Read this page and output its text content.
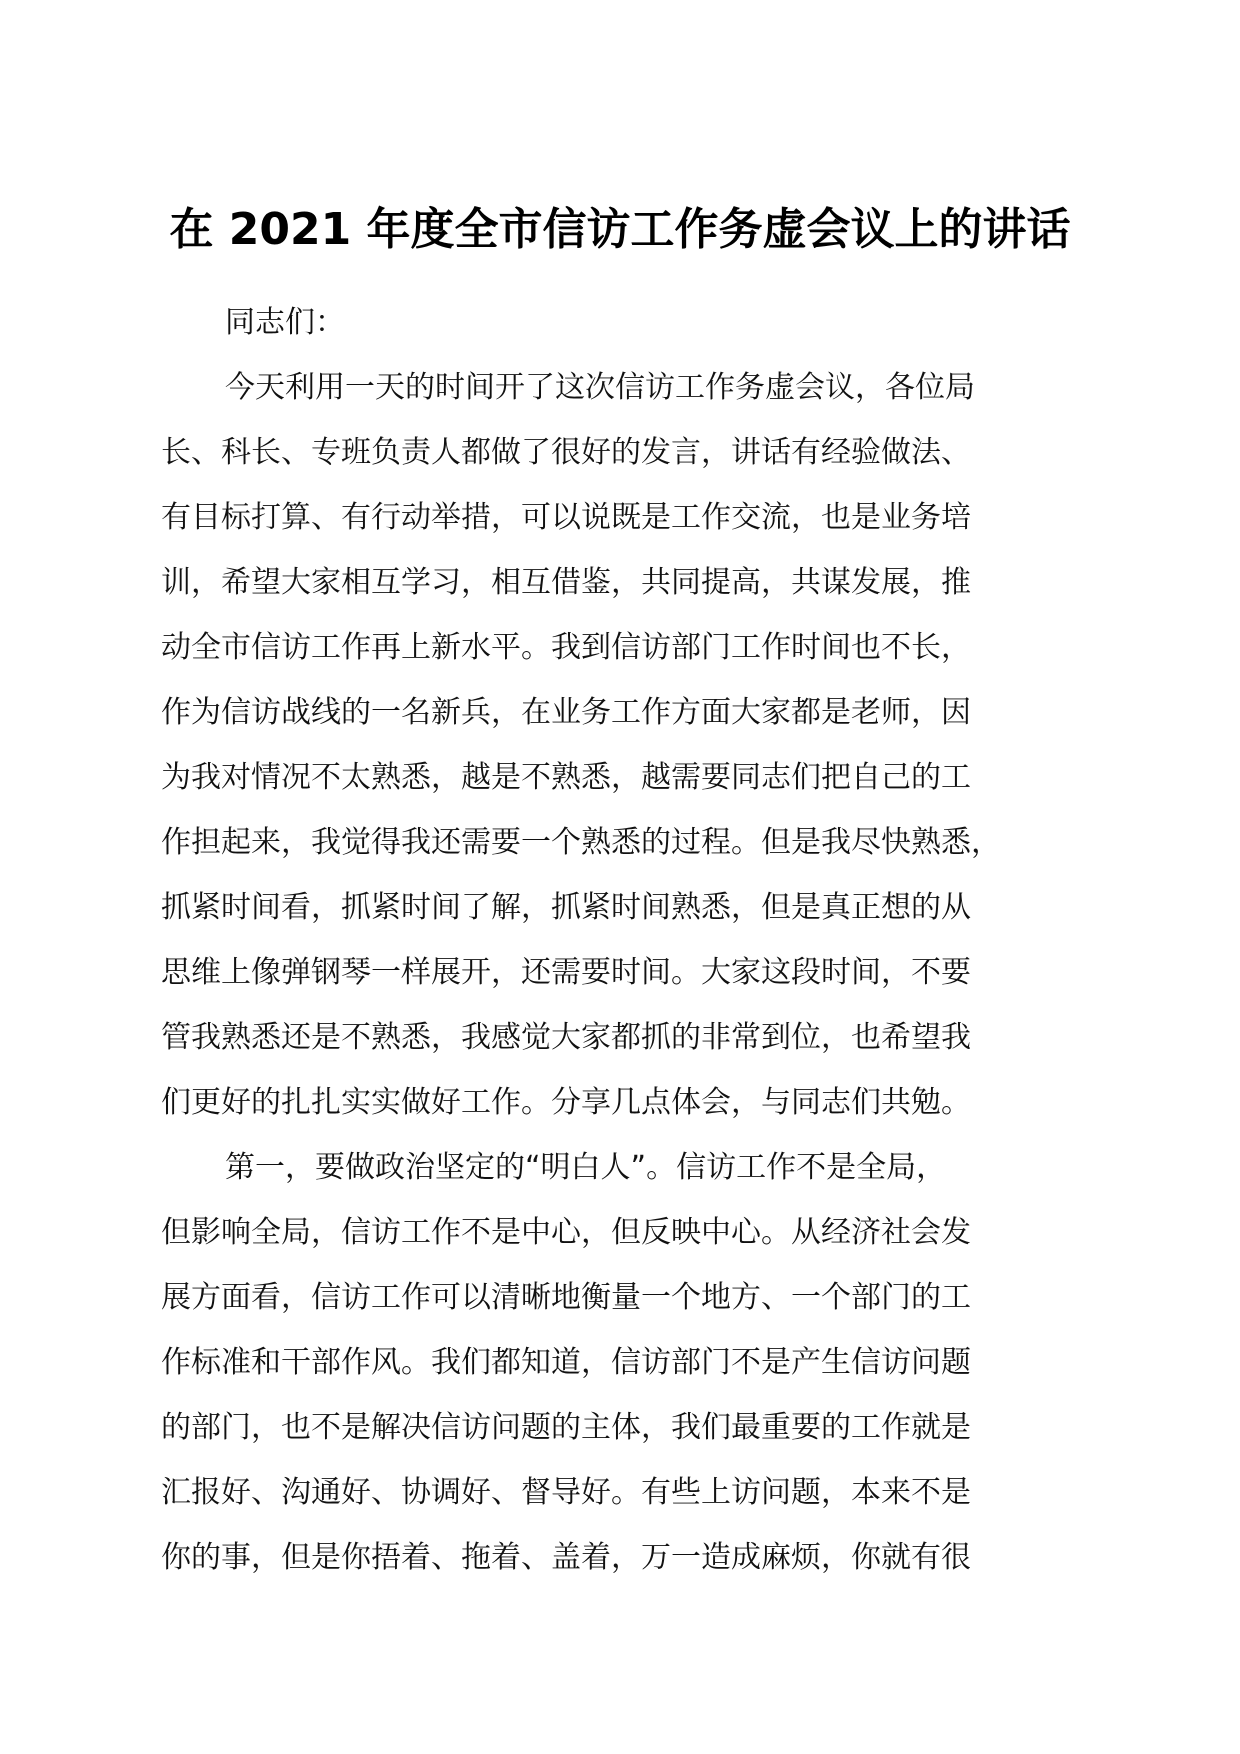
在 2021 年度全市信访工作务虚会议上的讲话
同志们：
今天利用一天的时间开了这次信访工作务虚会议，各位局
长、科长、专班负责人都做了很好的发言，讲话有经验做法、
有目标打算、有行动举措，可以说既是工作交流，也是业务培
训，希望大家相互学习，相互借鉴，共同提高，共谋发展，推
动全市信访工作再上新水平。我到信访部门工作时间也不长，
作为信访战线的一名新兵，在业务工作方面大家都是老师，因
为我对情况不太熟悉，越是不熟悉，越需要同志们把自己的工
作担起来，我觉得我还需要一个熟悉的过程。但是我尽快熟悉，
抓紧时间看，抓紧时间了解，抓紧时间熟悉，但是真正想的从
思维上像弹钢琴一样展开，还需要时间。大家这段时间，不要
管我熟悉还是不熟悉，我感觉大家都抓的非常到位，也希望我
们更好的扎扎实实做好工作。分享几点体会，与同志们共勉。
第一，要做政治坚定的“明白人”。信访工作不是全局，
但影响全局，信访工作不是中心，但反映中心。从经济社会发
展方面看，信访工作可以清晰地衡量一个地方、一个部门的工
作标准和干部作风。我们都知道，信访部门不是产生信访问题
的部门，也不是解决信访问题的主体，我们最重要的工作就是
汇报好、沟通好、协调好、督导好。有些上访问题，本来不是
你的事，但是你捂着、拖着、盖着，万一造成麻烦，你就有很
